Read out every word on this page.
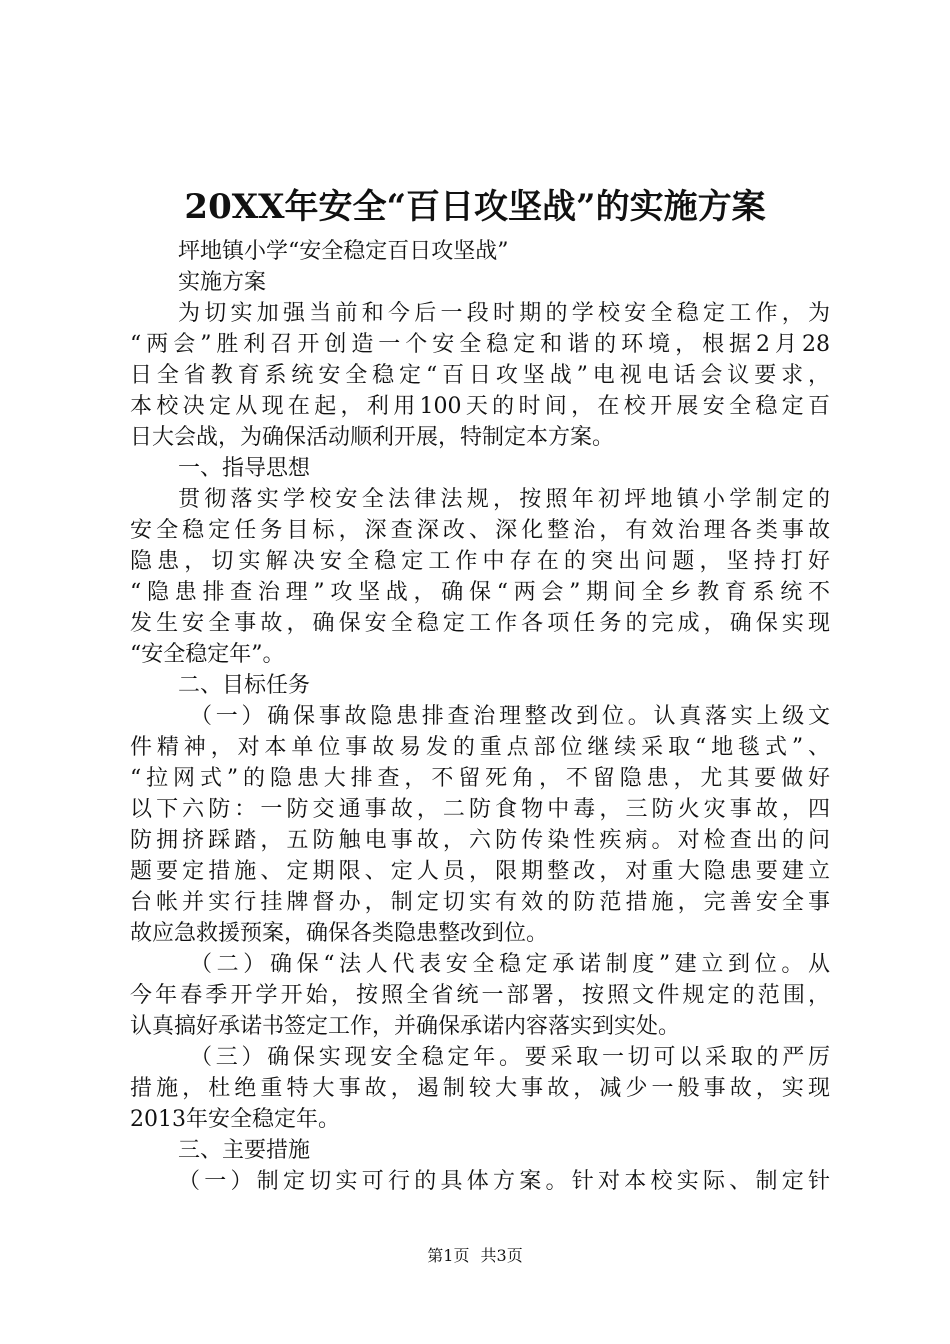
20XX年安全“百日攻坚战”的实施方案
坪地镇小学“安全稳定百日攻坚战”
实施方案
为切实加强当前和今后一段时期的学校安全稳定工作，为
“两会”胜利召开创造一个安全稳定和谐的环境，根据2月28
日全省教育系统安全稳定“百日攻坚战”电视电话会议要求，
本校决定从现在起，利用100天的时间，在校开展安全稳定百
日大会战，为确保活动顺利开展，特制定本方案。
一、指导思想
贯彻落实学校安全法律法规，按照年初坪地镇小学制定的
安全稳定任务目标，深查深改、深化整治，有效治理各类事故
隐患，切实解决安全稳定工作中存在的突出问题，坚持打好
“隐患排查治理”攻坚战，确保“两会”期间全乡教育系统不
发生安全事故，确保安全稳定工作各项任务的完成，确保实现
“安全稳定年”。
二、目标任务
（一）确保事故隐患排查治理整改到位。认真落实上级文
件精神，对本单位事故易发的重点部位继续采取“地毯式”、
“拉网式”的隐患大排查，不留死角，不留隐患，尤其要做好
以下六防：一防交通事故，二防食物中毒，三防火灾事故，四
防拥挤踩踏，五防触电事故，六防传染性疾病。对检查出的问
题要定措施、定期限、定人员，限期整改，对重大隐患要建立
台帐并实行挂牌督办，制定切实有效的防范措施，完善安全事
故应急救援预案，确保各类隐患整改到位。
（二）确保“法人代表安全稳定承诺制度”建立到位。从
今年春季开学开始，按照全省统一部署，按照文件规定的范围，
认真搞好承诺书签定工作，并确保承诺内容落实到实处。
（三）确保实现安全稳定年。要采取一切可以采取的严厉
措施，杜绝重特大事故，遏制较大事故，减少一般事故，实现
2013年安全稳定年。
三、主要措施
（一）制定切实可行的具体方案。针对本校实际、制定针
第1页 共3页
